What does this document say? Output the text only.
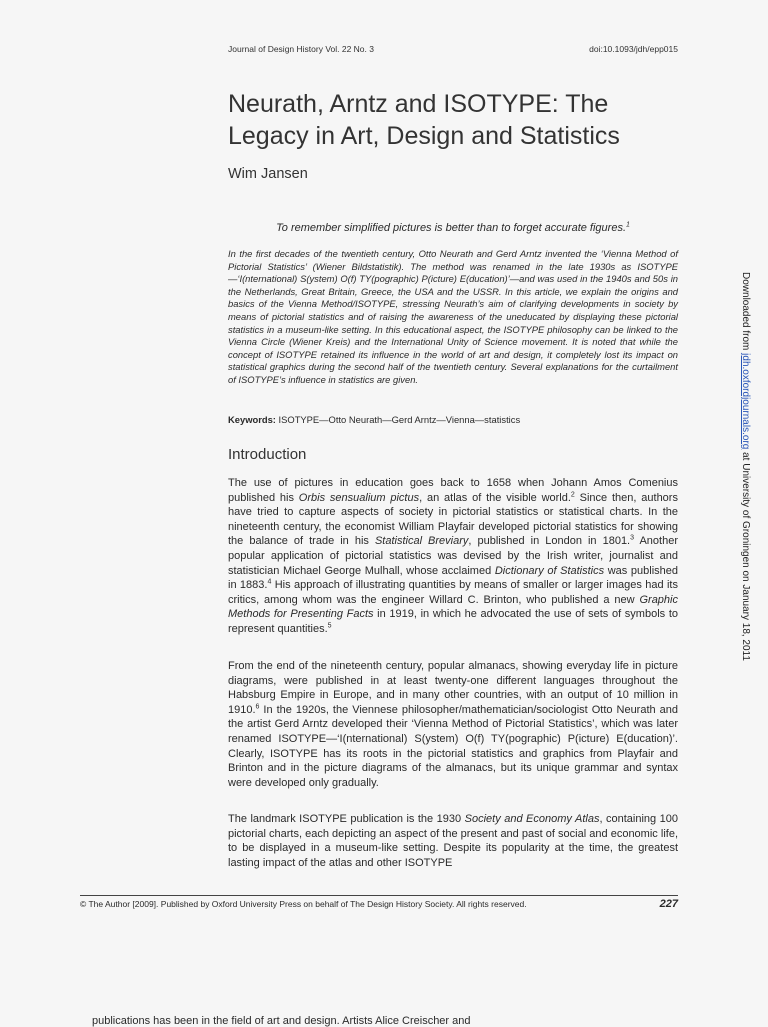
Journal of Design History Vol. 22 No. 3	doi:10.1093/jdh/epp015
Neurath, Arntz and ISOTYPE: The
Legacy in Art, Design and Statistics
Wim Jansen
To remember simplified pictures is better than to forget accurate figures.$^1$

In the first decades of the twentieth century, Otto Neurath and Gerd Arntz invented the ‘Vienna Method of Pictorial Statistics’ (Wiener Bildstatistik). The method was renamed in the late 1930s as ISOTYPE—‘I(nternational) S(ystem) O(f) TY(pographic) P(icture) E(ducation)’—and was used in the 1940s and 50s in the Netherlands, Great Britain, Greece, the USA and the USSR. In this article, we explain the origins and basics of the Vienna Method/ISOTYPE, stressing Neurath’s aim of clarifying developments in society by means of pictorial statistics and of raising the awareness of the uneducated by displaying these pictorial statistics in a museum-like setting. In this educational aspect, the ISOTYPE philosophy can be linked to the Vienna Circle (Wiener Kreis) and the International Unity of Science movement. It is noted that while the concept of ISOTYPE retained its influence in the world of art and design, it completely lost its impact on statistical graphics during the second half of the twentieth century. Several explanations for the curtailment of ISOTYPE’s influence in statistics are given.

Keywords: ISOTYPE—Otto Neurath—Gerd Arntz—Vienna—statistics
Introduction

The use of pictures in education goes back to 1658 when Johann Amos Comenius published his Orbis sensualium pictus, an atlas of the visible world.$^2$ Since then, authors have tried to capture aspects of society in pictorial statistics or statistical charts. In the nineteenth century, the economist William Playfair developed pictorial statistics for showing the balance of trade in his Statistical Breviary, published in London in 1801.$^3$ Another popular application of pictorial statistics was devised by the Irish writer, journalist and statistician Michael George Mulhall, whose acclaimed Dictionary of Statistics was published in 1883.$^4$ His approach of illustrating quantities by means of smaller or larger images had its critics, among whom was the engineer Willard C. Brinton, who published a new Graphic Methods for Presenting Facts in 1919, in which he advocated the use of sets of symbols to represent quantities.$^5$

From the end of the nineteenth century, popular almanacs, showing everyday life in picture diagrams, were published in at least twenty-one different languages throughout the Habsburg Empire in Europe, and in many other countries, with an output of 10 million in 1910.$^6$ In the 1920s, the Viennese philosopher/mathematician/sociologist Otto Neurath and the artist Gerd Arntz developed their ‘Vienna Method of Pictorial Statistics’, which was later renamed ISOTYPE—‘I(nternational) S(ystem) O(f) TY(pographic) P(icture) E(ducation)’. Clearly, ISOTYPE has its roots in the pictorial statistics and graphics from Playfair and Brinton and in the picture diagrams of the almanacs, but its unique grammar and syntax were developed only gradually.

The landmark ISOTYPE publication is the 1930 Society and Economy Atlas, containing 100 pictorial charts, each depicting an aspect of the present and past of social and economic life, to be displayed in a museum-like setting. Despite its popularity at the time, the greatest lasting impact of the atlas and other ISOTYPE

© The Author [2009]. Published by Oxford University Press on behalf of The Design History Society. All rights reserved.	227
Downloaded from jdh.oxfordjournals.org at University of Groningen on January 18, 2011
publications has been in the field of art and design. Artists Alice Creischer and
